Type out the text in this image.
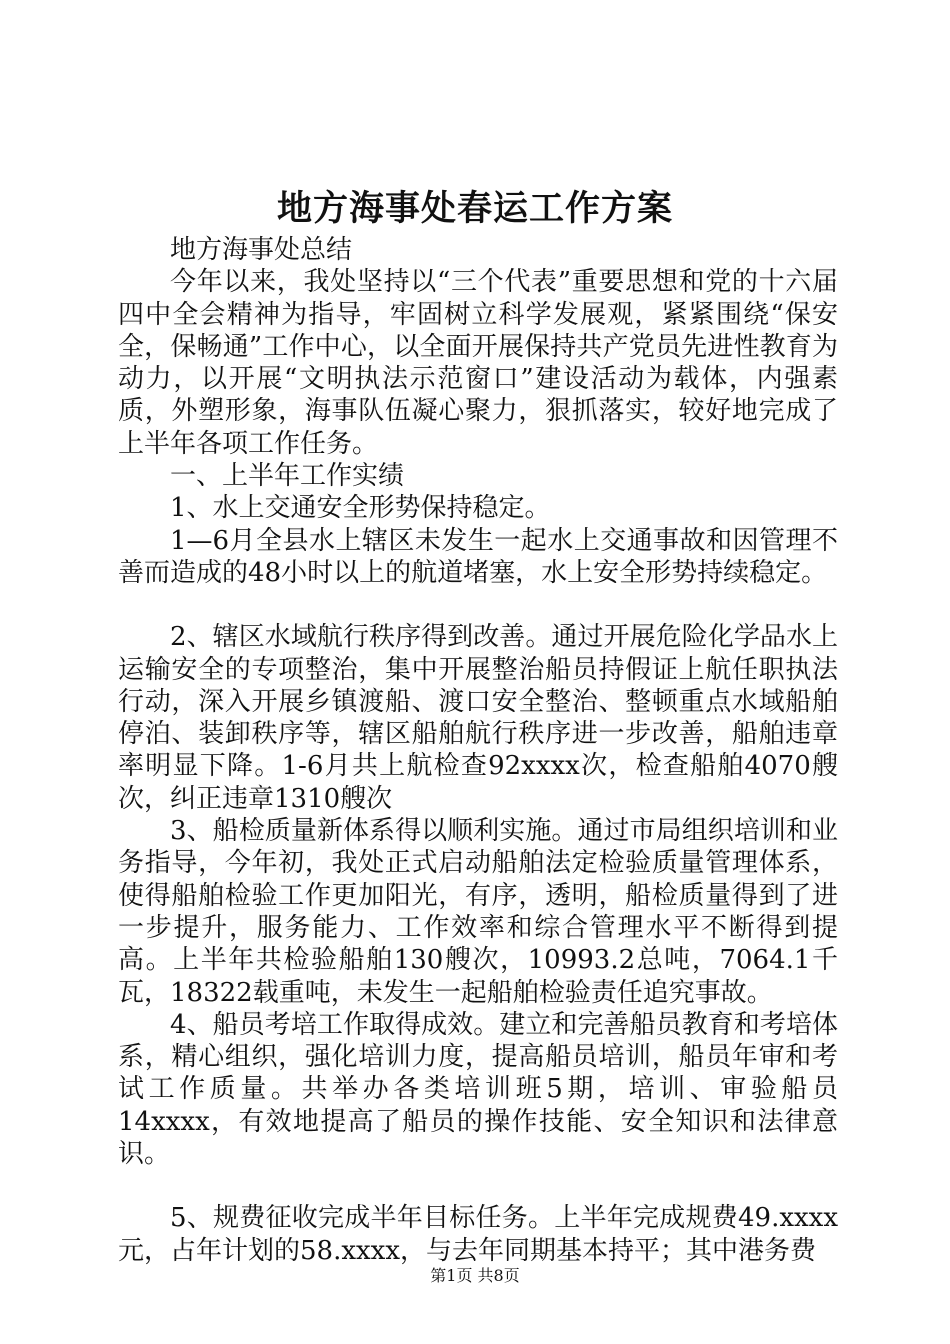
地方海事处春运工作方案

地方海事处总结

今年以来，我处坚持以“三个代表”重要思想和党的十六届四中全会精神为指导，牢固树立科学发展观，紧紧围绕“保安全，保畅通”工作中心，以全面开展保持共产党员先进性教育为动力，以开展“文明执法示范窗口”建设活动为载体，内强素质，外塑形象，海事队伍凝心聚力，狠抓落实，较好地完成了上半年各项工作任务。

一、上半年工作实绩

1、水上交通安全形势保持稳定。

1—6月全县水上辖区未发生一起水上交通事故和因管理不善而造成的48小时以上的航道堵塞，水上安全形势持续稳定。

2、辖区水域航行秩序得到改善。通过开展危险化学品水上运输安全的专项整治，集中开展整治船员持假证上航任职执法行动，深入开展乡镇渡船、渡口安全整治、整顿重点水域船舶停泊、装卸秩序等，辖区船舶航行秩序进一步改善，船舶违章率明显下降。1-6月共上航检查92xxxx次，检查船舶4070艘次，纠正违章1310艘次

3、船检质量新体系得以顺利实施。通过市局组织培训和业务指导，今年初，我处正式启动船舶法定检验质量管理体系，使得船舶检验工作更加阳光，有序，透明，船检质量得到了进一步提升，服务能力、工作效率和综合管理水平不断得到提高。上半年共检验船舶130艘次，10993.2总吨，7064.1千瓦，18322载重吨，未发生一起船舶检验责任追究事故。

4、船员考培工作取得成效。建立和完善船员教育和考培体系，精心组织，强化培训力度，提高船员培训，船员年审和考试工作质量。共举办各类培训班5期，培训、审验船员14xxxx，有效地提高了船员的操作技能、安全知识和法律意识。

5、规费征收完成半年目标任务。上半年完成规费49.xxxx元，占年计划的58.xxxx，与去年同期基本持平；其中港务费

第1页 共8页
